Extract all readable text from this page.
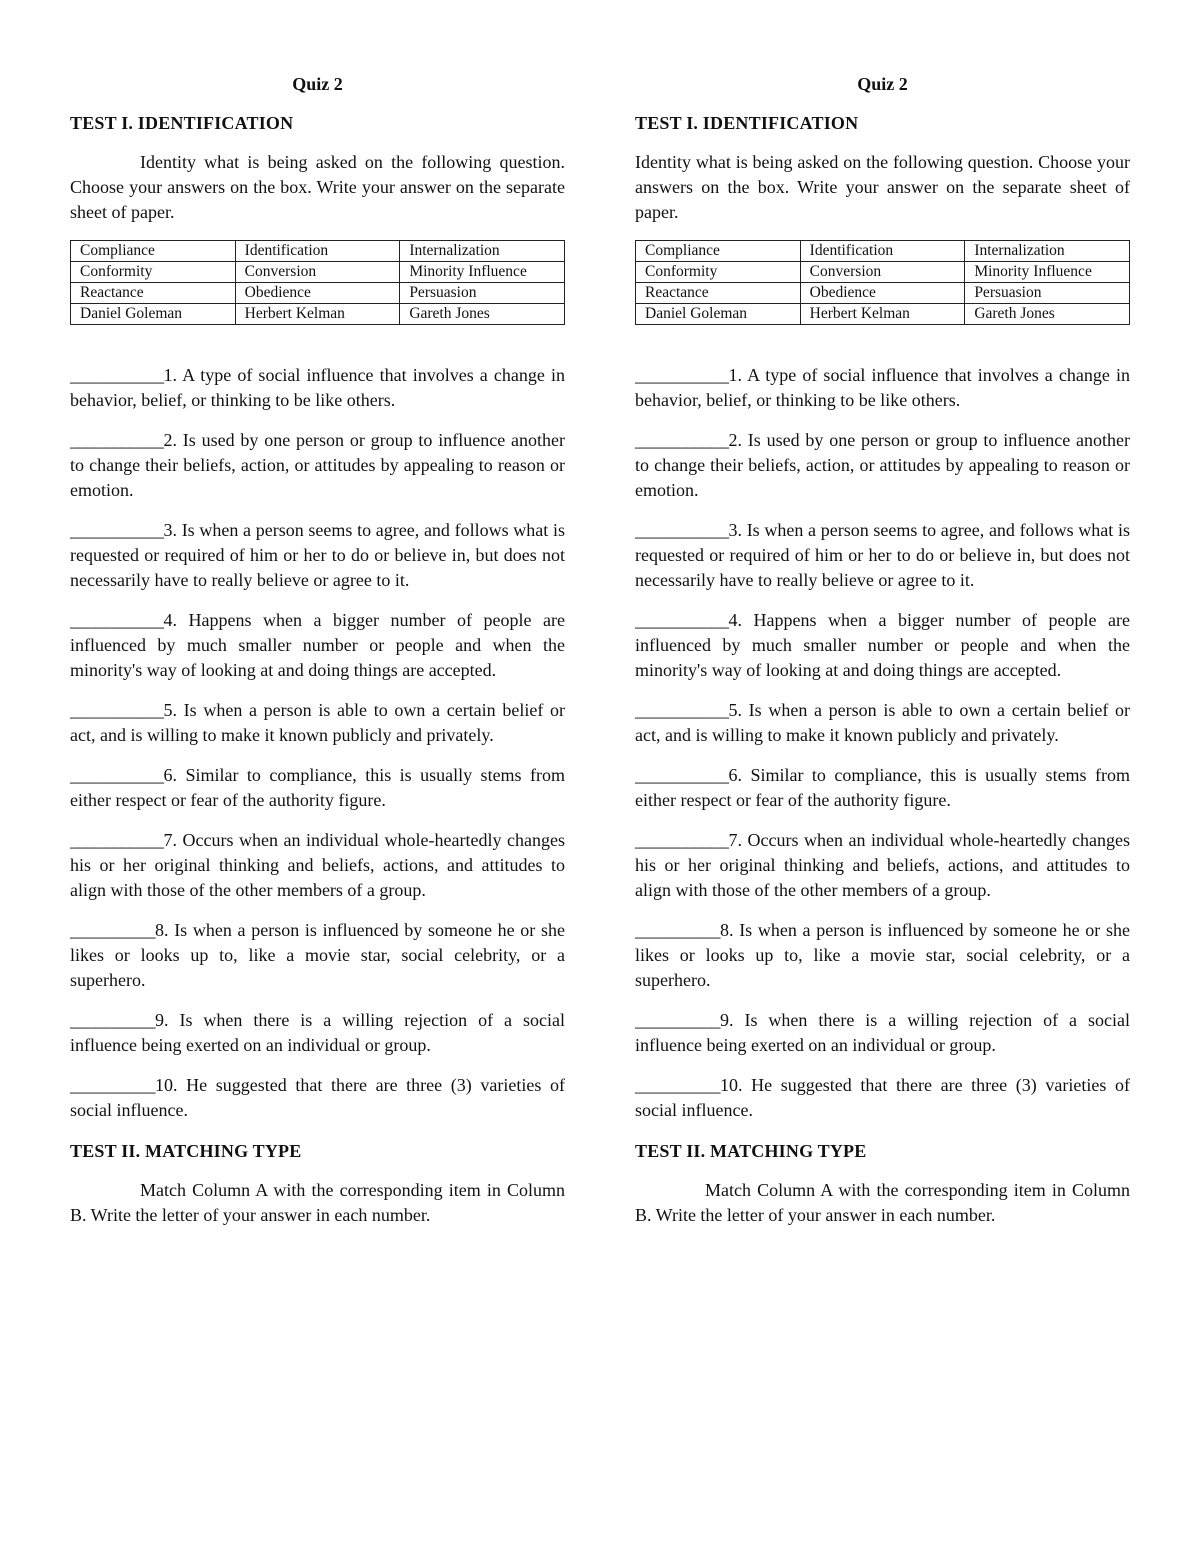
Quiz 2
TEST I. IDENTIFICATION
Identity what is being asked on the following question. Choose your answers on the box. Write your answer on the separate sheet of paper.
Compliance	Identification	Internalization
Conformity	Conversion	Minority Influence
Reactance	Obedience	Persuasion
Daniel Goleman	Herbert Kelman	Gareth Jones
___________1. A type of social influence that involves a change in behavior, belief, or thinking to be like others.
___________2. Is used by one person or group to influence another to change their beliefs, action, or attitudes by appealing to reason or emotion.
___________3. Is when a person seems to agree, and follows what is requested or required of him or her to do or believe in, but does not necessarily have to really believe or agree to it.
___________4. Happens when a bigger number of people are influenced by much smaller number or people and when the minority's way of looking at and doing things are accepted.
___________5. Is when a person is able to own a certain belief or act, and is willing to make it known publicly and privately.
___________6. Similar to compliance, this is usually stems from either respect or fear of the authority figure.
___________7. Occurs when an individual whole-heartedly changes his or her original thinking and beliefs, actions, and attitudes to align with those of the other members of a group.
__________8. Is when a person is influenced by someone he or she likes or looks up to, like a movie star, social celebrity, or a superhero.
__________9. Is when there is a willing rejection of a social influence being exerted on an individual or group.
__________10. He suggested that there are three (3) varieties of social influence.
TEST II. MATCHING TYPE
Match Column A with the corresponding item in Column B. Write the letter of your answer in each number.
Quiz 2
TEST I. IDENTIFICATION
Identity what is being asked on the following question. Choose your answers on the box. Write your answer on the separate sheet of paper.
Compliance	Identification	Internalization
Conformity	Conversion	Minority Influence
Reactance	Obedience	Persuasion
Daniel Goleman	Herbert Kelman	Gareth Jones
___________1. A type of social influence that involves a change in behavior, belief, or thinking to be like others.
___________2. Is used by one person or group to influence another to change their beliefs, action, or attitudes by appealing to reason or emotion.
___________3. Is when a person seems to agree, and follows what is requested or required of him or her to do or believe in, but does not necessarily have to really believe or agree to it.
___________4. Happens when a bigger number of people are influenced by much smaller number or people and when the minority's way of looking at and doing things are accepted.
___________5. Is when a person is able to own a certain belief or act, and is willing to make it known publicly and privately.
___________6. Similar to compliance, this is usually stems from either respect or fear of the authority figure.
___________7. Occurs when an individual whole-heartedly changes his or her original thinking and beliefs, actions, and attitudes to align with those of the other members of a group.
__________8. Is when a person is influenced by someone he or she likes or looks up to, like a movie star, social celebrity, or a superhero.
__________9. Is when there is a willing rejection of a social influence being exerted on an individual or group.
__________10. He suggested that there are three (3) varieties of social influence.
TEST II. MATCHING TYPE
Match Column A with the corresponding item in Column B. Write the letter of your answer in each number.
